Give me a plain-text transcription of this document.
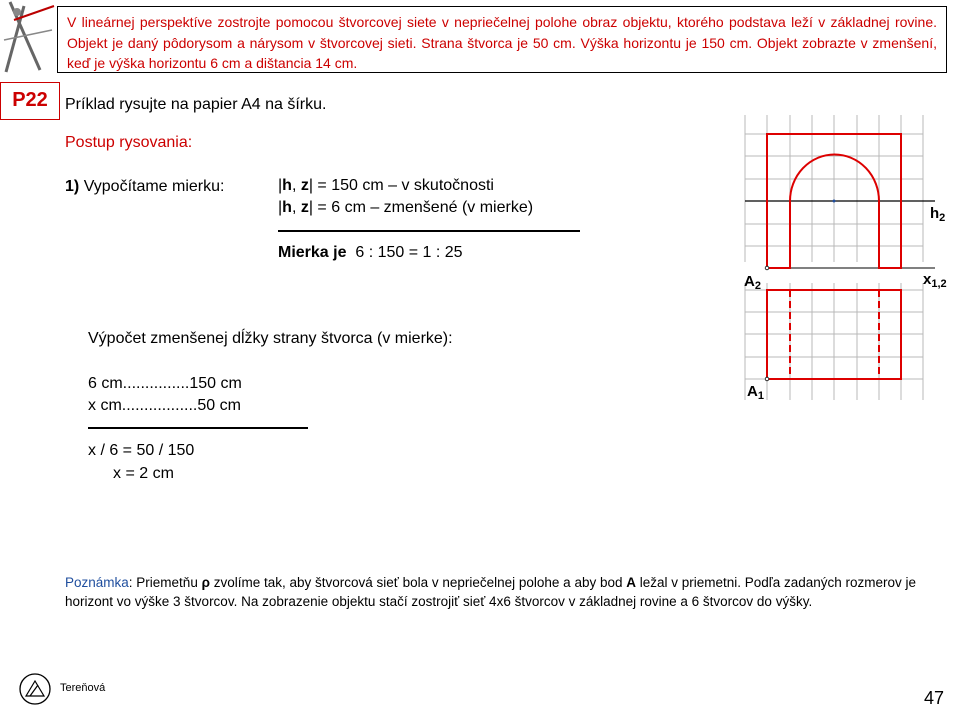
V lineárnej perspektíve zostrojte pomocou štvorcovej siete v nepriečelnej polohe obraz objektu, ktorého podstava leží v základnej rovine. Objekt je daný pôdorysom a nárysom v štvorcovej sieti. Strana štvorca je 50 cm. Výška horizontu je 150 cm. Objekt zobrazte v zmenšení, keď je výška horizontu 6 cm a dištancia 14 cm.
P22	Príklad rysujte na papier A4 na šírku.
Postup rysovania:
1) Vypočítame mierku:	|h, z| = 150 cm – v skutočnosti
|h, z| = 6 cm – zmenšené (v mierke)
Mierka je 6 : 150 = 1 : 25
Výpočet zmenšenej dĺžky strany štvorca (v mierke):
6 cm...............150 cm
x cm.................50 cm
x / 6 = 50 / 150
x = 2 cm
$h_2$
$x_{1,2}$
$A_2$
$A_1$
Poznámka: Priemetňu ρ zvolíme tak, aby štvorcová sieť bola v nepriečelnej polohe a aby bod A ležal v priemetni. Podľa zadaných rozmerov je horizont vo výške 3 štvorcov. Na zobrazenie objektu stačí zostrojiť sieť 4x6 štvorcov v základnej rovine a 6 štvorcov do výšky.
Tereňová	47
